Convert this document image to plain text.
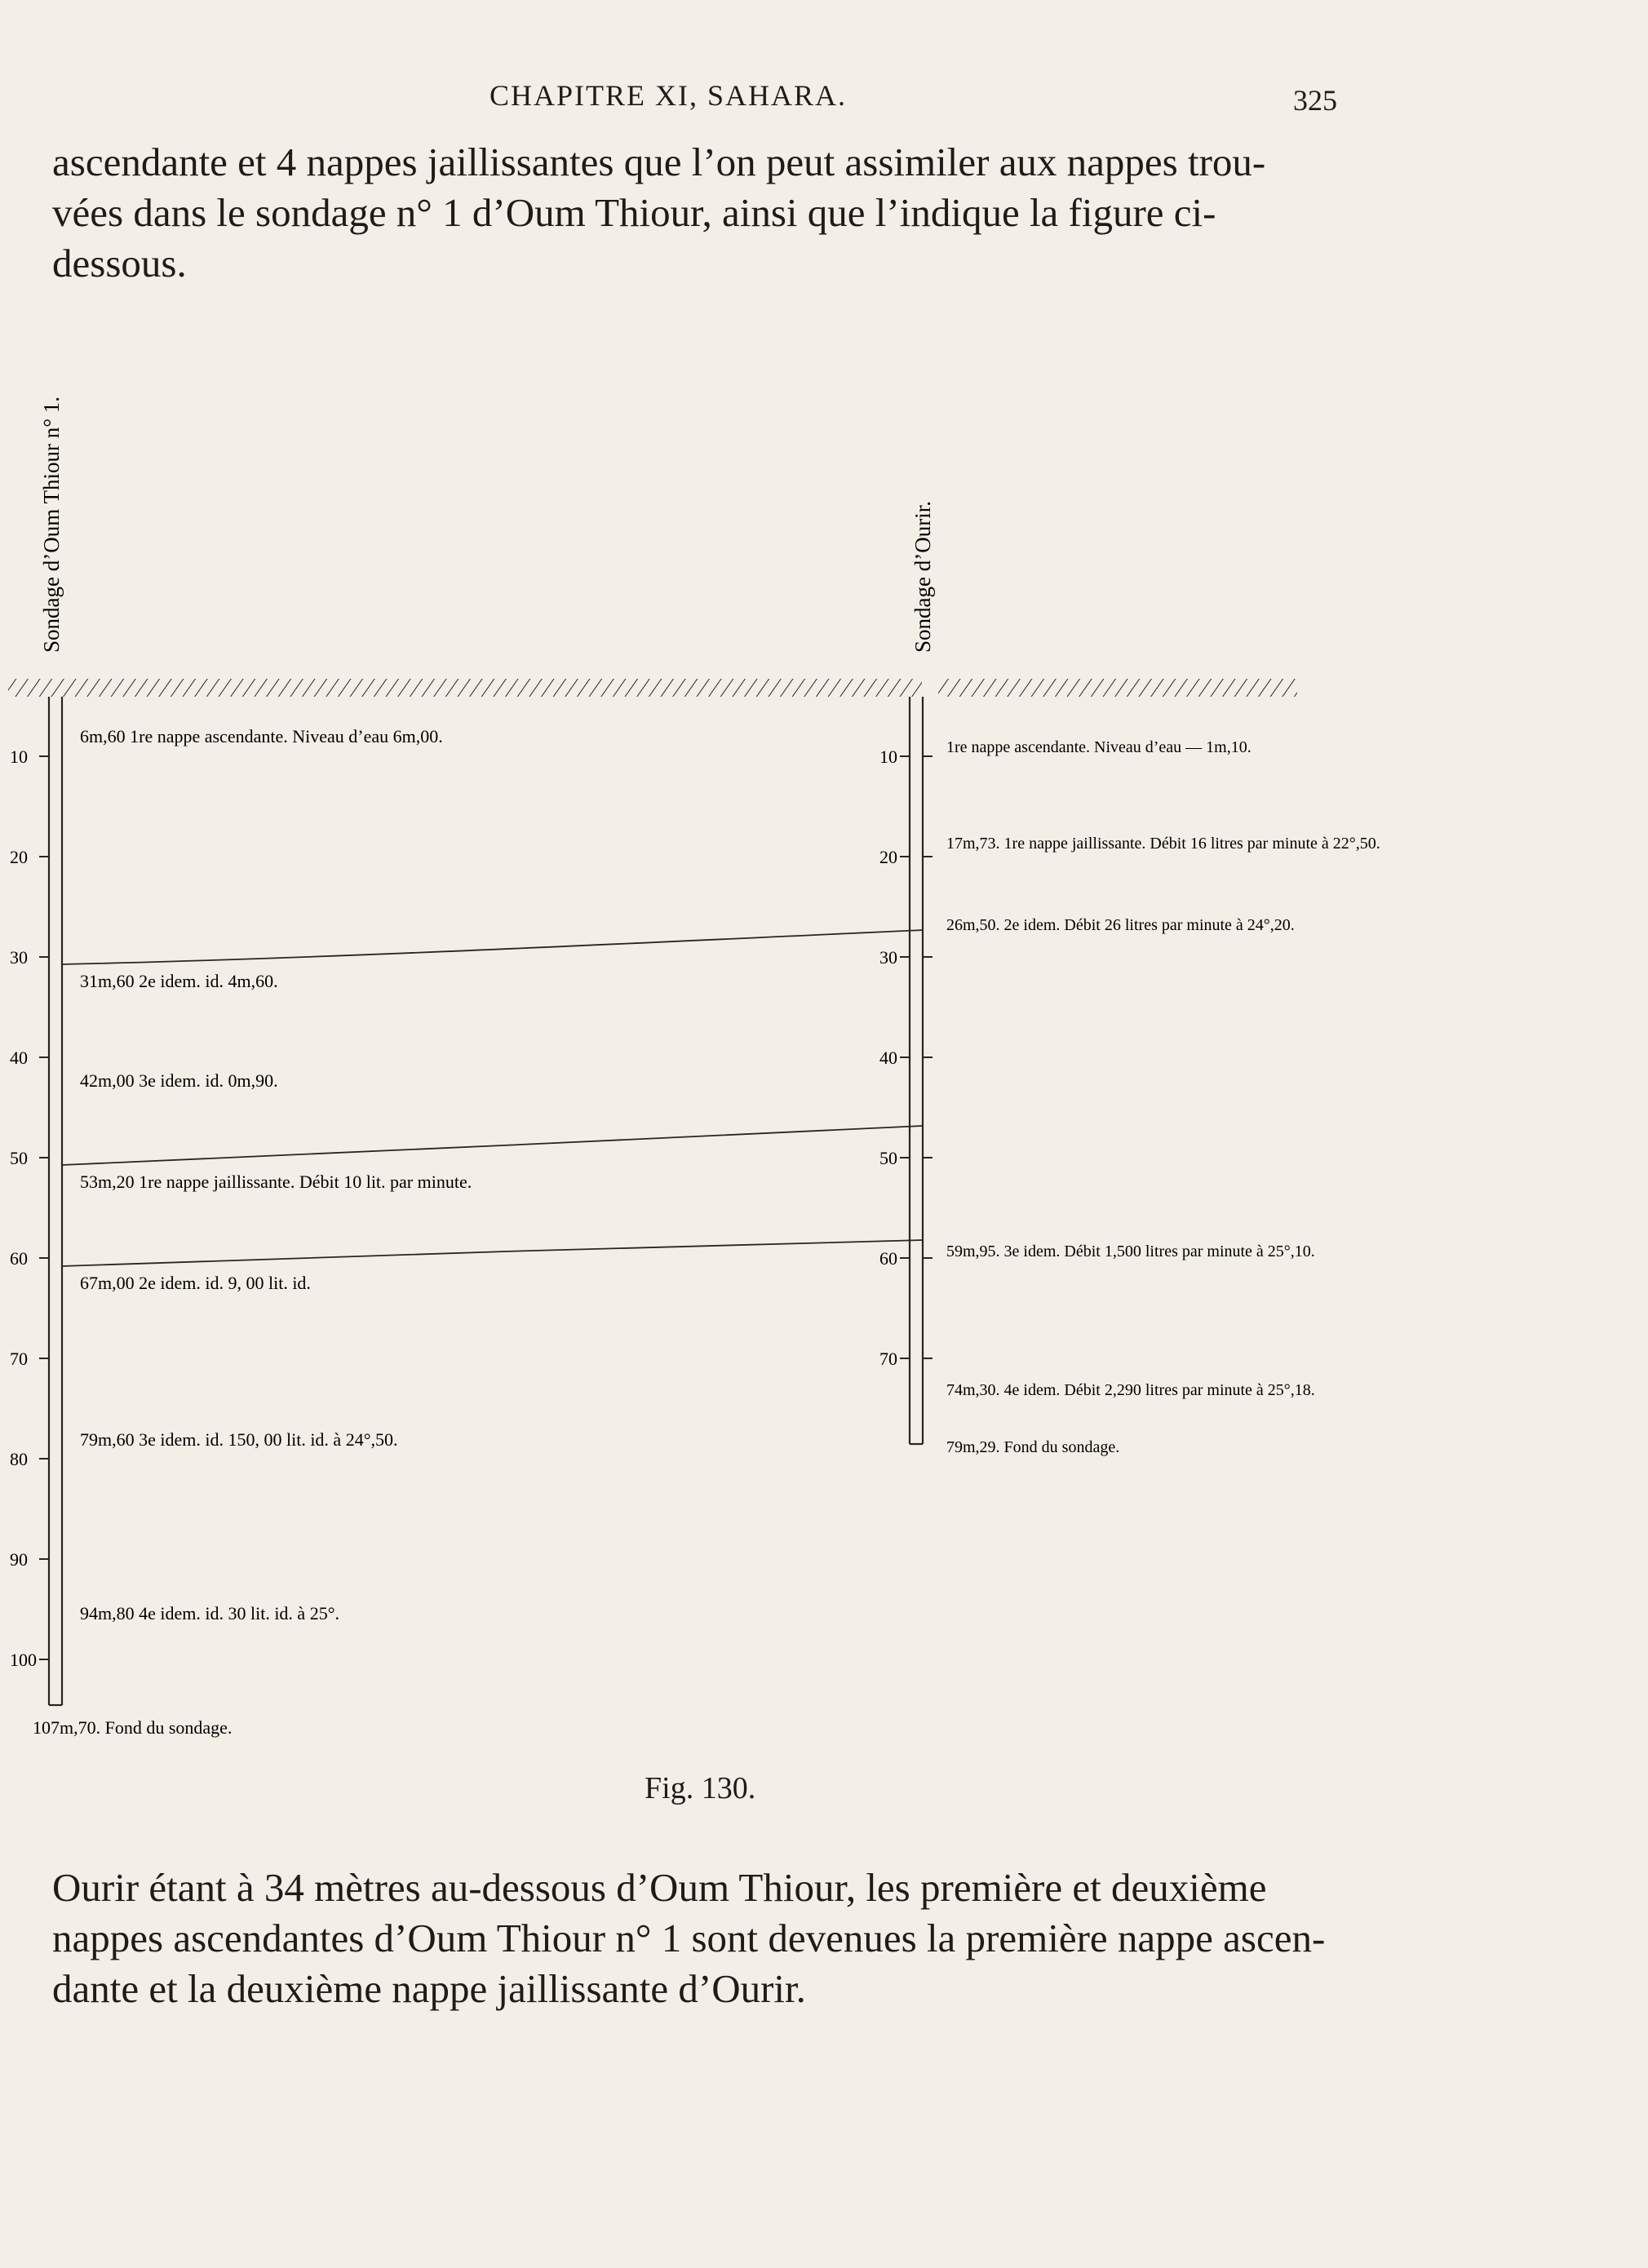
CHAPITRE XI, SAHARA.	325
ascendante et 4 nappes jaillissantes que l’on peut assimiler aux nappes trou-
vées dans le sondage n° 1 d’Oum Thiour, ainsi que l’indique la figure ci-
dessous.
Sondage d’Oum Thiour n° 1.	Sondage d’Ourir.
10
20
30
40
50
60
70
80
90
100
10
20
30
40
50
60
70
6m,60 1re nappe ascendante. Niveau d’eau 6m,00.
31m,60 2e idem. id. 4m,60.
42m,00 3e idem. id. 0m,90.
53m,20 1re nappe jaillissante. Débit 10 lit. par minute.
67m,00 2e idem. id. 9, 00 lit. id.
79m,60 3e idem. id. 150, 00 lit. id. à 24°,50.
94m,80 4e idem. id. 30 lit. id. à 25°.
107m,70. Fond du sondage.
1re nappe ascendante. Niveau d’eau — 1m,10.
17m,73. 1re nappe jaillissante. Débit 16 litres par minute à 22°,50.
26m,50. 2e idem. Débit 26 litres par minute à 24°,20.
59m,95. 3e idem. Débit 1,500 litres par minute à 25°,10.
74m,30. 4e idem. Débit 2,290 litres par minute à 25°,18.
79m,29. Fond du sondage.
Fig. 130.
Ourir étant à 34 mètres au-dessous d’Oum Thiour, les première et deuxième
nappes ascendantes d’Oum Thiour n° 1 sont devenues la première nappe ascen-
dante et la deuxième nappe jaillissante d’Ourir.
